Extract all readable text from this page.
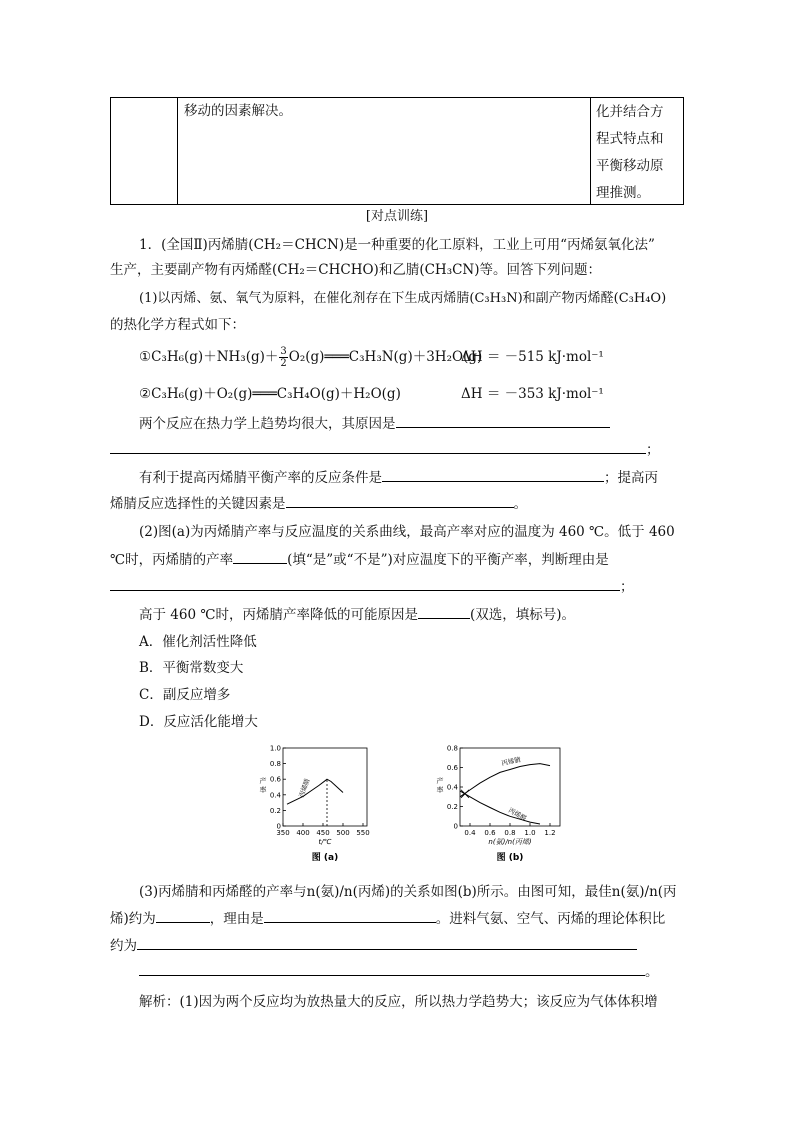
移动的因素解决。	化并结合方
程式特点和
平衡移动原
理推测。
[对点训练]
1．(全国Ⅱ)丙烯腈(CH₂＝CHCN)是一种重要的化工原料，工业上可用“丙烯氨氧化法”
生产，主要副产物有丙烯醛(CH₂＝CHCHO)和乙腈(CH₃CN)等。回答下列问题：
(1)以丙烯、氨、氧气为原料，在催化剂存在下生成丙烯腈(C₃H₃N)和副产物丙烯醛(C₃H₄O)
的热化学方程式如下：
①C₃H₆(g)＋NH₃(g)＋ $\frac{3}{2}$ O₂(g)═══C₃H₃N(g)＋3H₂O(g)
ΔH ＝ －515 kJ·mol⁻¹
②C₃H₆(g)＋O₂(g)═══C₃H₄O(g)＋H₂O(g)	ΔH ＝ －353 kJ·mol⁻¹
两个反应在热力学上趋势均很大，其原因是
；
有利于提高丙烯腈平衡产率的反应条件是	；提高丙
烯腈反应选择性的关键因素是	。
(2)图(a)为丙烯腈产率与反应温度的关系曲线，最高产率对应的温度为 460 ℃。低于 460
℃时，丙烯腈的产率	(填“是”或“不是”)对应温度下的平衡产率，判断理由是
；
高于 460 ℃时，丙烯腈产率降低的可能原因是	(双选，填标号)。
A．催化剂活性降低
B．平衡常数变大
C．副反应增多
D．反应活化能增大
0
0.2
0.4
0.6
0.8
1.0
350 400 450 500 550
产
率
t/℃
图 (a)
丙烯腈
0
0.2
0.4
0.6
0.8
0.4 0.6 0.8 1.0 1.2
产
率
n(氨)/n(丙烯)
图 (b)
丙烯腈
丙烯醛
(3)丙烯腈和丙烯醛的产率与n(氨)/n(丙烯)的关系如图(b)所示。由图可知，最佳n(氨)/n(丙
烯)约为	，理由是	。进料气氨、空气、丙烯的理论体积比
约为
。
解析：(1)因为两个反应均为放热量大的反应，所以热力学趋势大；该反应为气体体积增
